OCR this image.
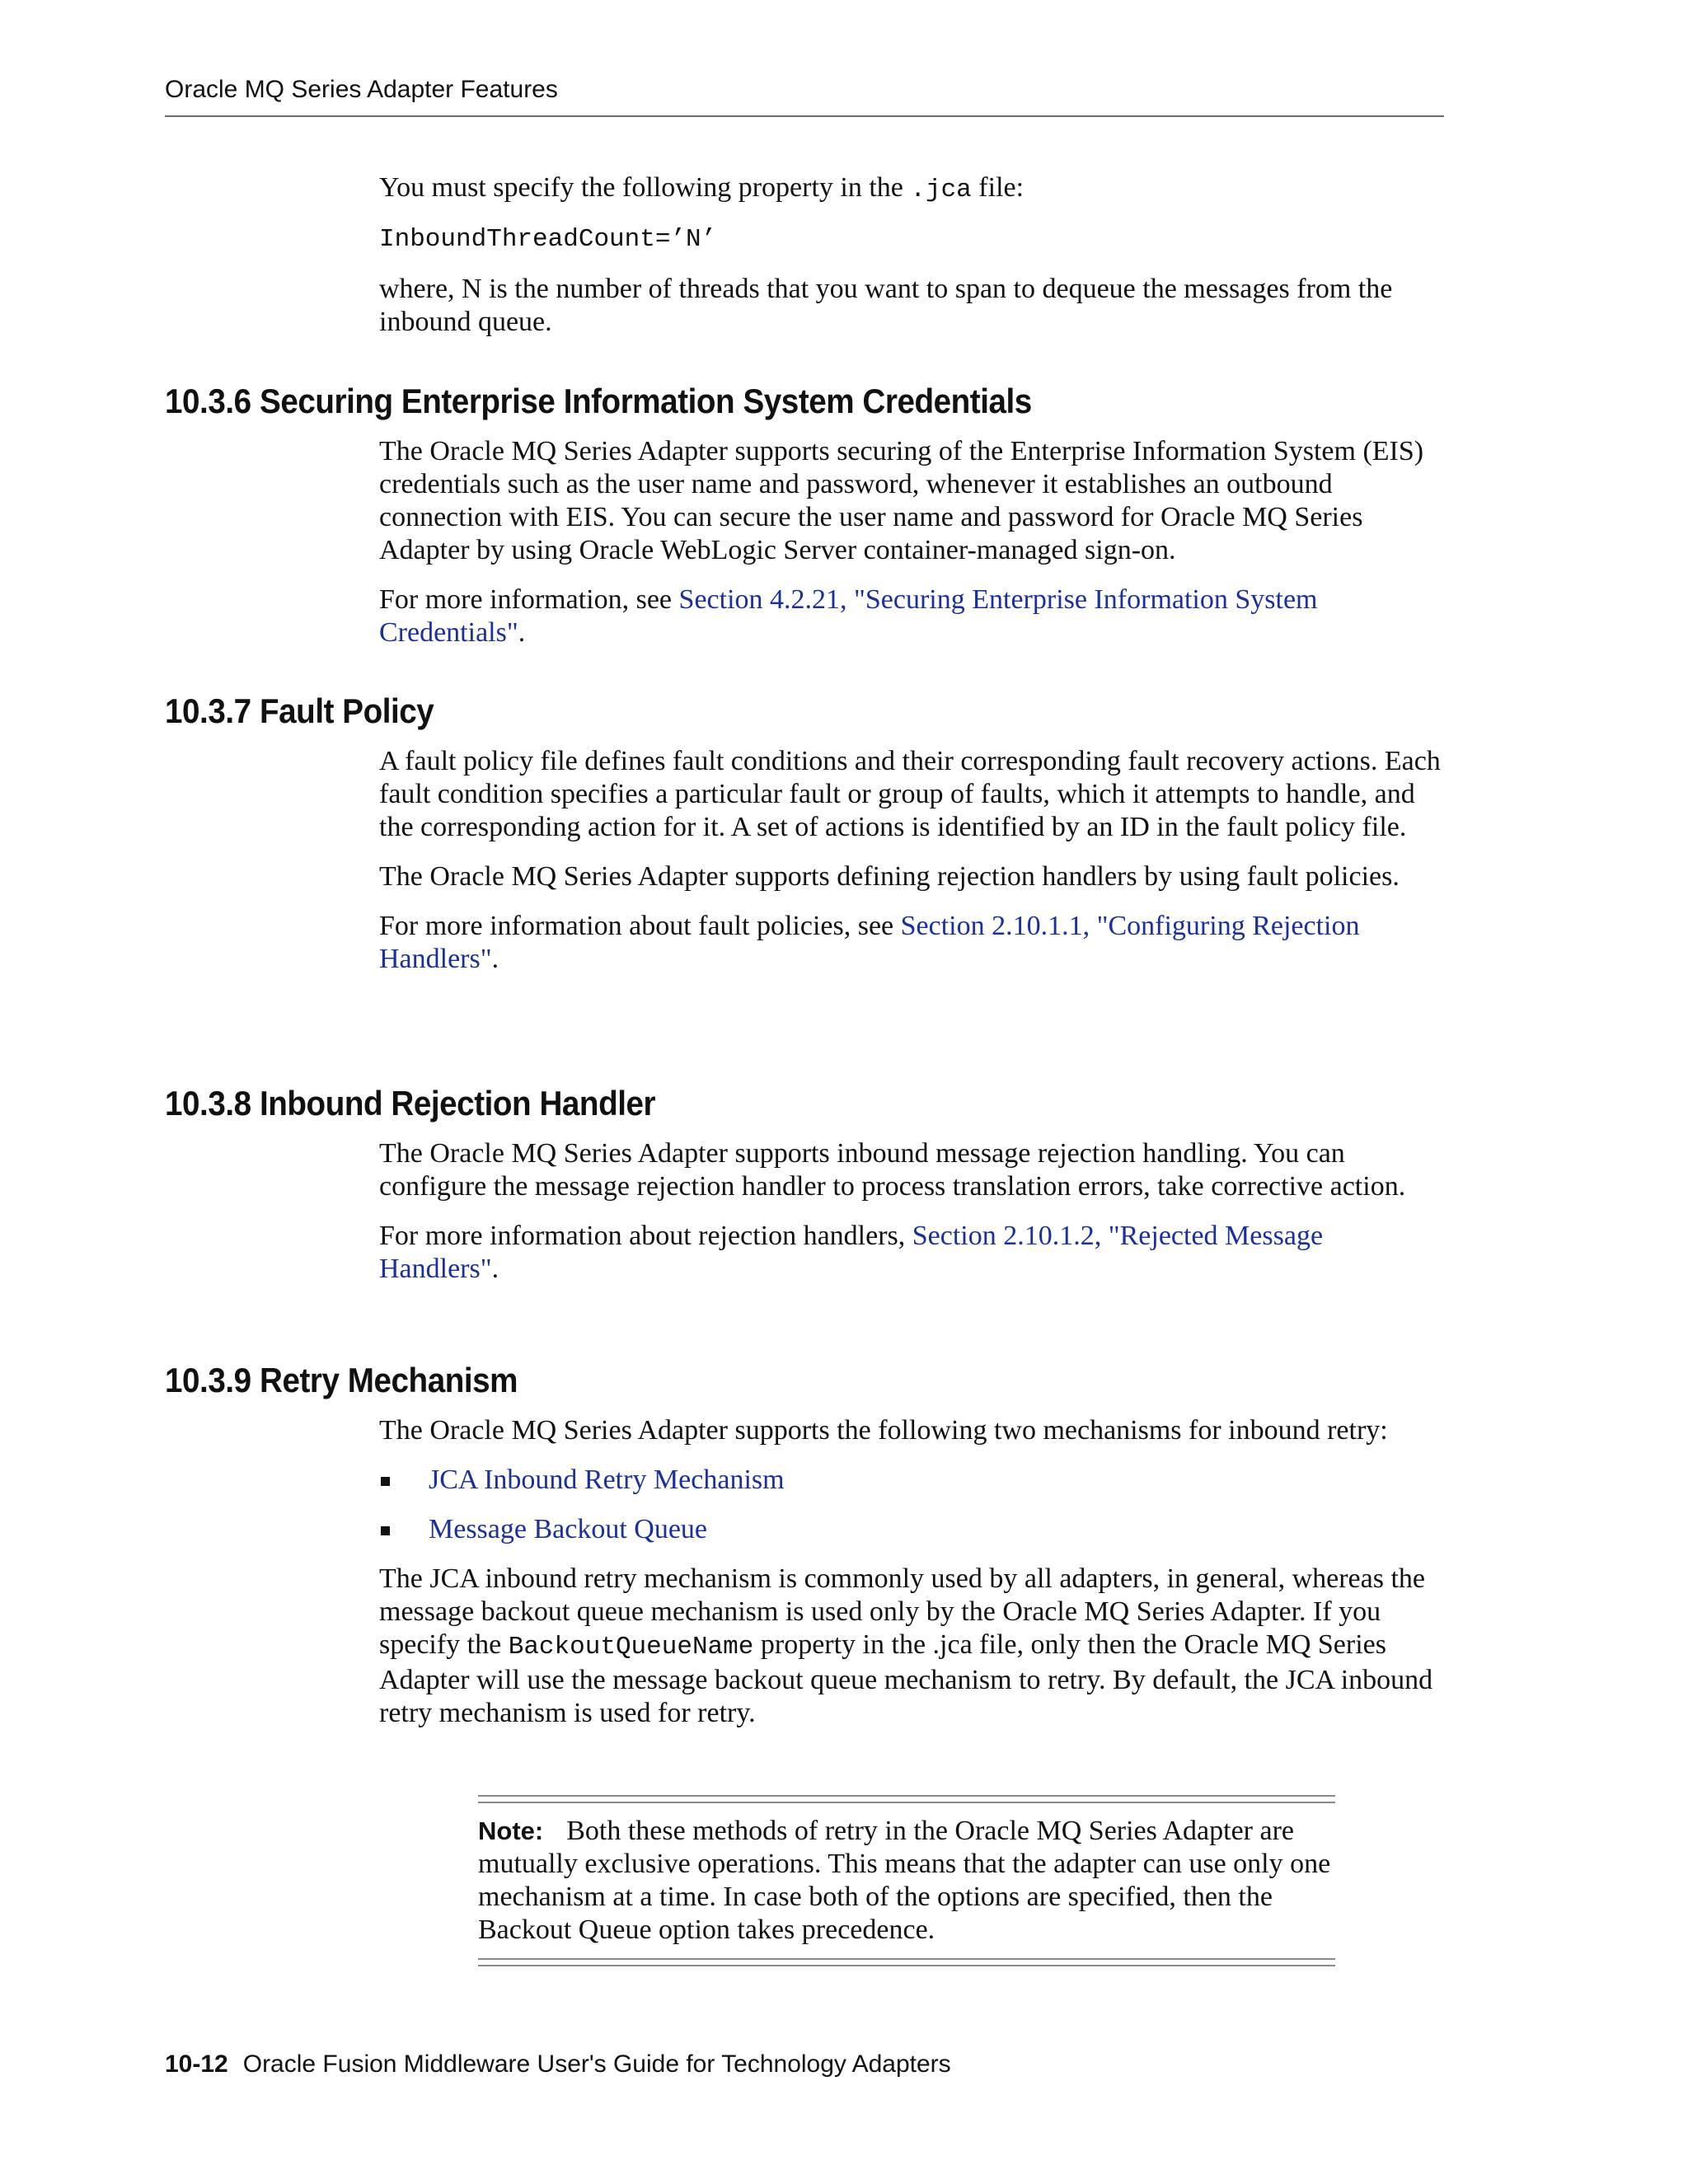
Oracle MQ Series Adapter Features

You must specify the following property in the .jca file:

InboundThreadCount=’N’

where, N is the number of threads that you want to span to dequeue the messages from the inbound queue.

10.3.6 Securing Enterprise Information System Credentials

The Oracle MQ Series Adapter supports securing of the Enterprise Information System (EIS) credentials such as the user name and password, whenever it establishes an outbound connection with EIS. You can secure the user name and password for Oracle MQ Series Adapter by using Oracle WebLogic Server container-managed sign-on.

For more information, see Section 4.2.21, "Securing Enterprise Information System Credentials".

10.3.7 Fault Policy

A fault policy file defines fault conditions and their corresponding fault recovery actions. Each fault condition specifies a particular fault or group of faults, which it attempts to handle, and the corresponding action for it. A set of actions is identified by an ID in the fault policy file.

The Oracle MQ Series Adapter supports defining rejection handlers by using fault policies.

For more information about fault policies, see Section 2.10.1.1, "Configuring Rejection Handlers".

10.3.8 Inbound Rejection Handler

The Oracle MQ Series Adapter supports inbound message rejection handling. You can configure the message rejection handler to process translation errors, take corrective action.

For more information about rejection handlers, Section 2.10.1.2, "Rejected Message Handlers".

10.3.9 Retry Mechanism

The Oracle MQ Series Adapter supports the following two mechanisms for inbound retry:

JCA Inbound Retry Mechanism
Message Backout Queue

The JCA inbound retry mechanism is commonly used by all adapters, in general, whereas the message backout queue mechanism is used only by the Oracle MQ Series Adapter. If you specify the BackoutQueueName property in the .jca file, only then the Oracle MQ Series Adapter will use the message backout queue mechanism to retry. By default, the JCA inbound retry mechanism is used for retry.

Note: Both these methods of retry in the Oracle MQ Series Adapter are mutually exclusive operations. This means that the adapter can use only one mechanism at a time. In case both of the options are specified, then the Backout Queue option takes precedence.

10-12 Oracle Fusion Middleware User's Guide for Technology Adapters
